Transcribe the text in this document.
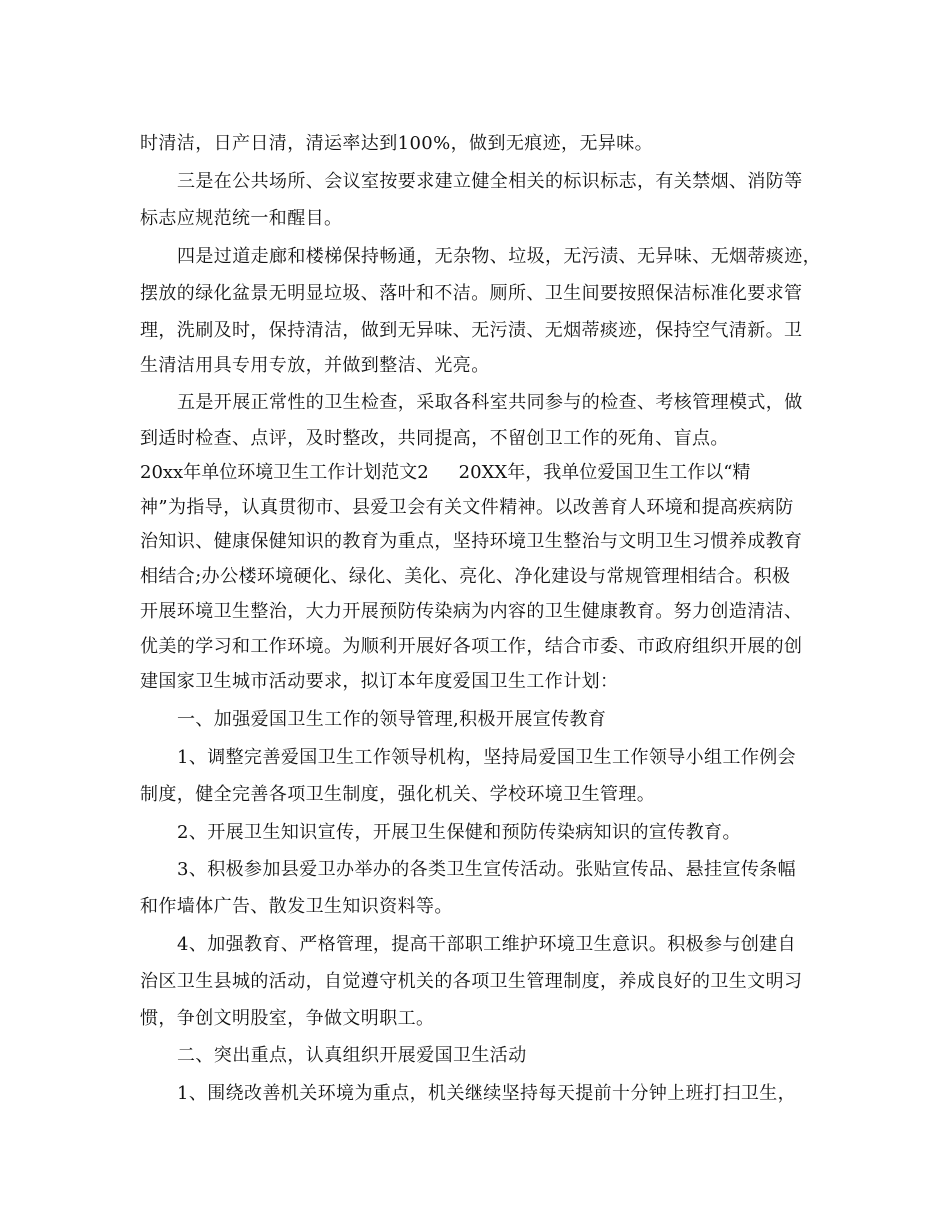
时清洁，日产日清，清运率达到100%，做到无痕迹，无异味。
三是在公共场所、会议室按要求建立健全相关的标识标志，有关禁烟、消防等
标志应规范统一和醒目。
四是过道走廊和楼梯保持畅通，无杂物、垃圾，无污渍、无异味、无烟蒂痰迹，
摆放的绿化盆景无明显垃圾、落叶和不洁。厕所、卫生间要按照保洁标准化要求管
理，洗刷及时，保持清洁，做到无异味、无污渍、无烟蒂痰迹，保持空气清新。卫
生清洁用具专用专放，并做到整洁、光亮。
五是开展正常性的卫生检查，采取各科室共同参与的检查、考核管理模式，做
到适时检查、点评，及时整改，共同提高，不留创卫工作的死角、盲点。
20xx年单位环境卫生工作计划范文2 20XX年，我单位爱国卫生工作以“精
神”为指导，认真贯彻市、县爱卫会有关文件精神。以改善育人环境和提高疾病防
治知识、健康保健知识的教育为重点，坚持环境卫生整治与文明卫生习惯养成教育
相结合;办公楼环境硬化、绿化、美化、亮化、净化建设与常规管理相结合。积极
开展环境卫生整治，大力开展预防传染病为内容的卫生健康教育。努力创造清洁、
优美的学习和工作环境。为顺利开展好各项工作，结合市委、市政府组织开展的创
建国家卫生城市活动要求，拟订本年度爱国卫生工作计划：
一、加强爱国卫生工作的领导管理,积极开展宣传教育
1、调整完善爱国卫生工作领导机构，坚持局爱国卫生工作领导小组工作例会
制度，健全完善各项卫生制度，强化机关、学校环境卫生管理。
2、开展卫生知识宣传，开展卫生保健和预防传染病知识的宣传教育。
3、积极参加县爱卫办举办的各类卫生宣传活动。张贴宣传品、悬挂宣传条幅
和作墙体广告、散发卫生知识资料等。
4、加强教育、严格管理，提高干部职工维护环境卫生意识。积极参与创建自
治区卫生县城的活动，自觉遵守机关的各项卫生管理制度，养成良好的卫生文明习
惯，争创文明股室，争做文明职工。
二、突出重点，认真组织开展爱国卫生活动
1、围绕改善机关环境为重点，机关继续坚持每天提前十分钟上班打扫卫生，
